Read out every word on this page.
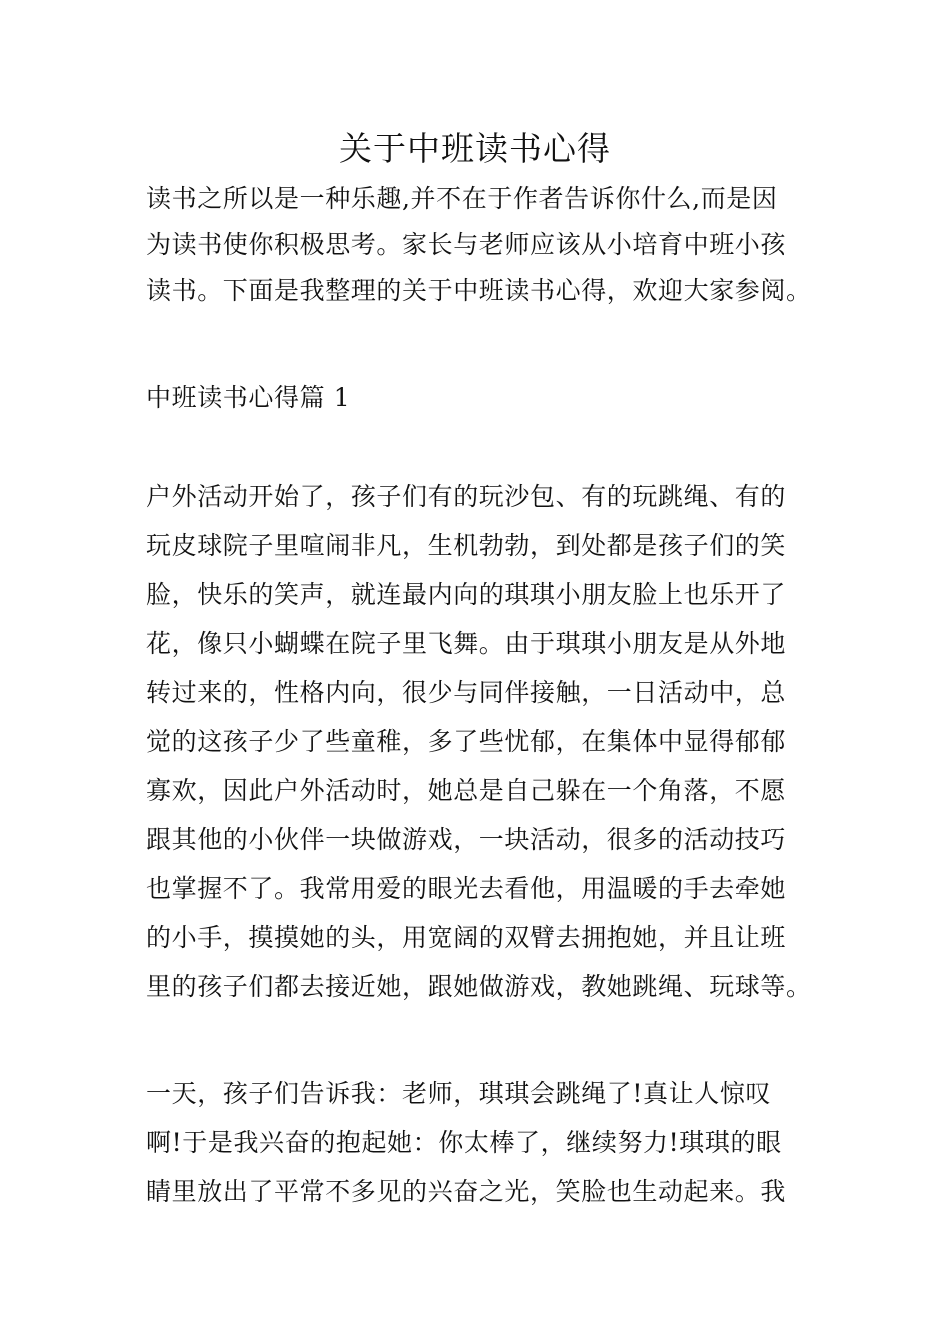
关于中班读书心得
读书之所以是一种乐趣,并不在于作者告诉你什么,而是因
为读书使你积极思考。家长与老师应该从小培育中班小孩
读书。下面是我整理的关于中班读书心得，欢迎大家参阅。
中班读书心得篇 1
户外活动开始了，孩子们有的玩沙包、有的玩跳绳、有的
玩皮球院子里喧闹非凡，生机勃勃，到处都是孩子们的笑
脸，快乐的笑声，就连最内向的琪琪小朋友脸上也乐开了
花，像只小蝴蝶在院子里飞舞。由于琪琪小朋友是从外地
转过来的，性格内向，很少与同伴接触，一日活动中，总
觉的这孩子少了些童稚，多了些忧郁，在集体中显得郁郁
寡欢，因此户外活动时，她总是自己躲在一个角落，不愿
跟其他的小伙伴一块做游戏，一块活动，很多的活动技巧
也掌握不了。我常用爱的眼光去看他，用温暖的手去牵她
的小手，摸摸她的头，用宽阔的双臂去拥抱她，并且让班
里的孩子们都去接近她，跟她做游戏，教她跳绳、玩球等。
一天，孩子们告诉我：老师，琪琪会跳绳了!真让人惊叹
啊!于是我兴奋的抱起她：你太棒了，继续努力!琪琪的眼
睛里放出了平常不多见的兴奋之光，笑脸也生动起来。我
